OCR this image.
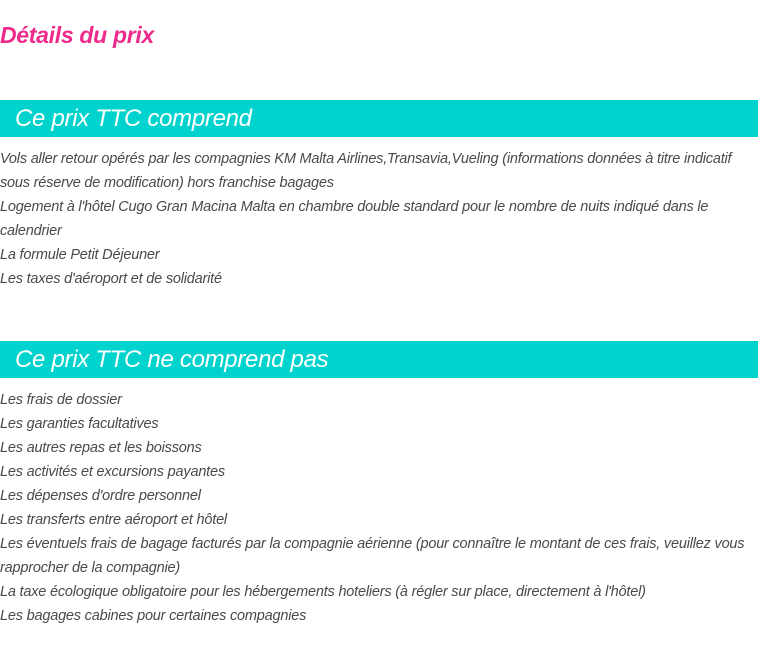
Détails du prix
Ce prix TTC comprend
Vols aller retour opérés par les compagnies KM Malta Airlines,Transavia,Vueling (informations données à titre indicatif sous réserve de modification) hors franchise bagages
Logement à l'hôtel Cugo Gran Macina Malta en chambre double standard pour le nombre de nuits indiqué dans le calendrier
La formule Petit Déjeuner
Les taxes d'aéroport et de solidarité
Ce prix TTC ne comprend pas
Les frais de dossier
Les garanties facultatives
Les autres repas et les boissons
Les activités et excursions payantes
Les dépenses d'ordre personnel
Les transferts entre aéroport et hôtel
Les éventuels frais de bagage facturés par la compagnie aérienne (pour connaître le montant de ces frais, veuillez vous rapprocher de la compagnie)
La taxe écologique obligatoire pour les hébergements hoteliers (à régler sur place, directement à l'hôtel)
Les bagages cabines pour certaines compagnies
